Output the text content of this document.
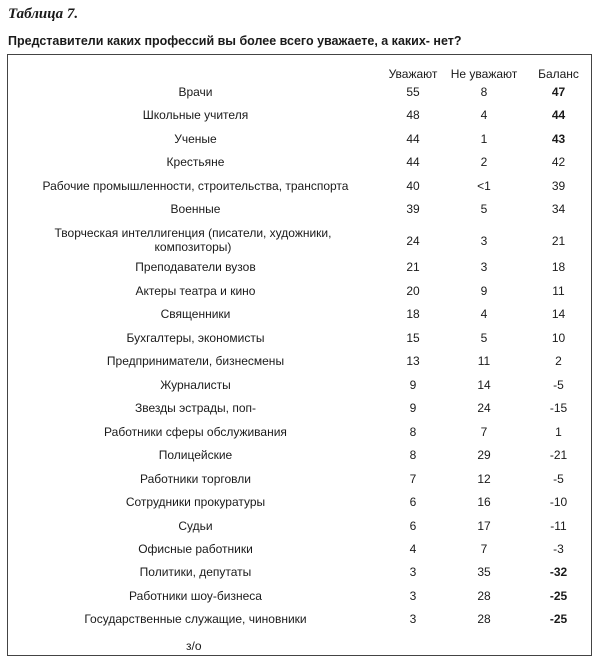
Таблица 7.

Представители каких профессий вы более всего уважаете, а каких- нет?

Уважают	Не уважают	Баланс
Врачи	55	8	47
Школьные учителя	48	4	44
Ученые	44	1	43
Крестьяне	44	2	42
Рабочие промышленности, строительства, транспорта	40	<1	39
Военные	39	5	34
Творческая интеллигенция (писатели, художники, композиторы)	24	3	21
Преподаватели вузов	21	3	18
Актеры театра и кино	20	9	11
Священники	18	4	14
Бухгалтеры, экономисты	15	5	10
Предприниматели, бизнесмены	13	11	2
Журналисты	9	14	-5
Звезды эстрады, поп-	9	24	-15
Работники сферы обслуживания	8	7	1
Полицейские	8	29	-21
Работники торговли	7	12	-5
Сотрудники прокуратуры	6	16	-10
Судьи	6	17	-11
Офисные работники	4	7	-3
Политики, депутаты	3	35	-32
Работники шоу-бизнеса	3	28	-25
Государственные служащие, чиновники	3	28	-25
з/о
